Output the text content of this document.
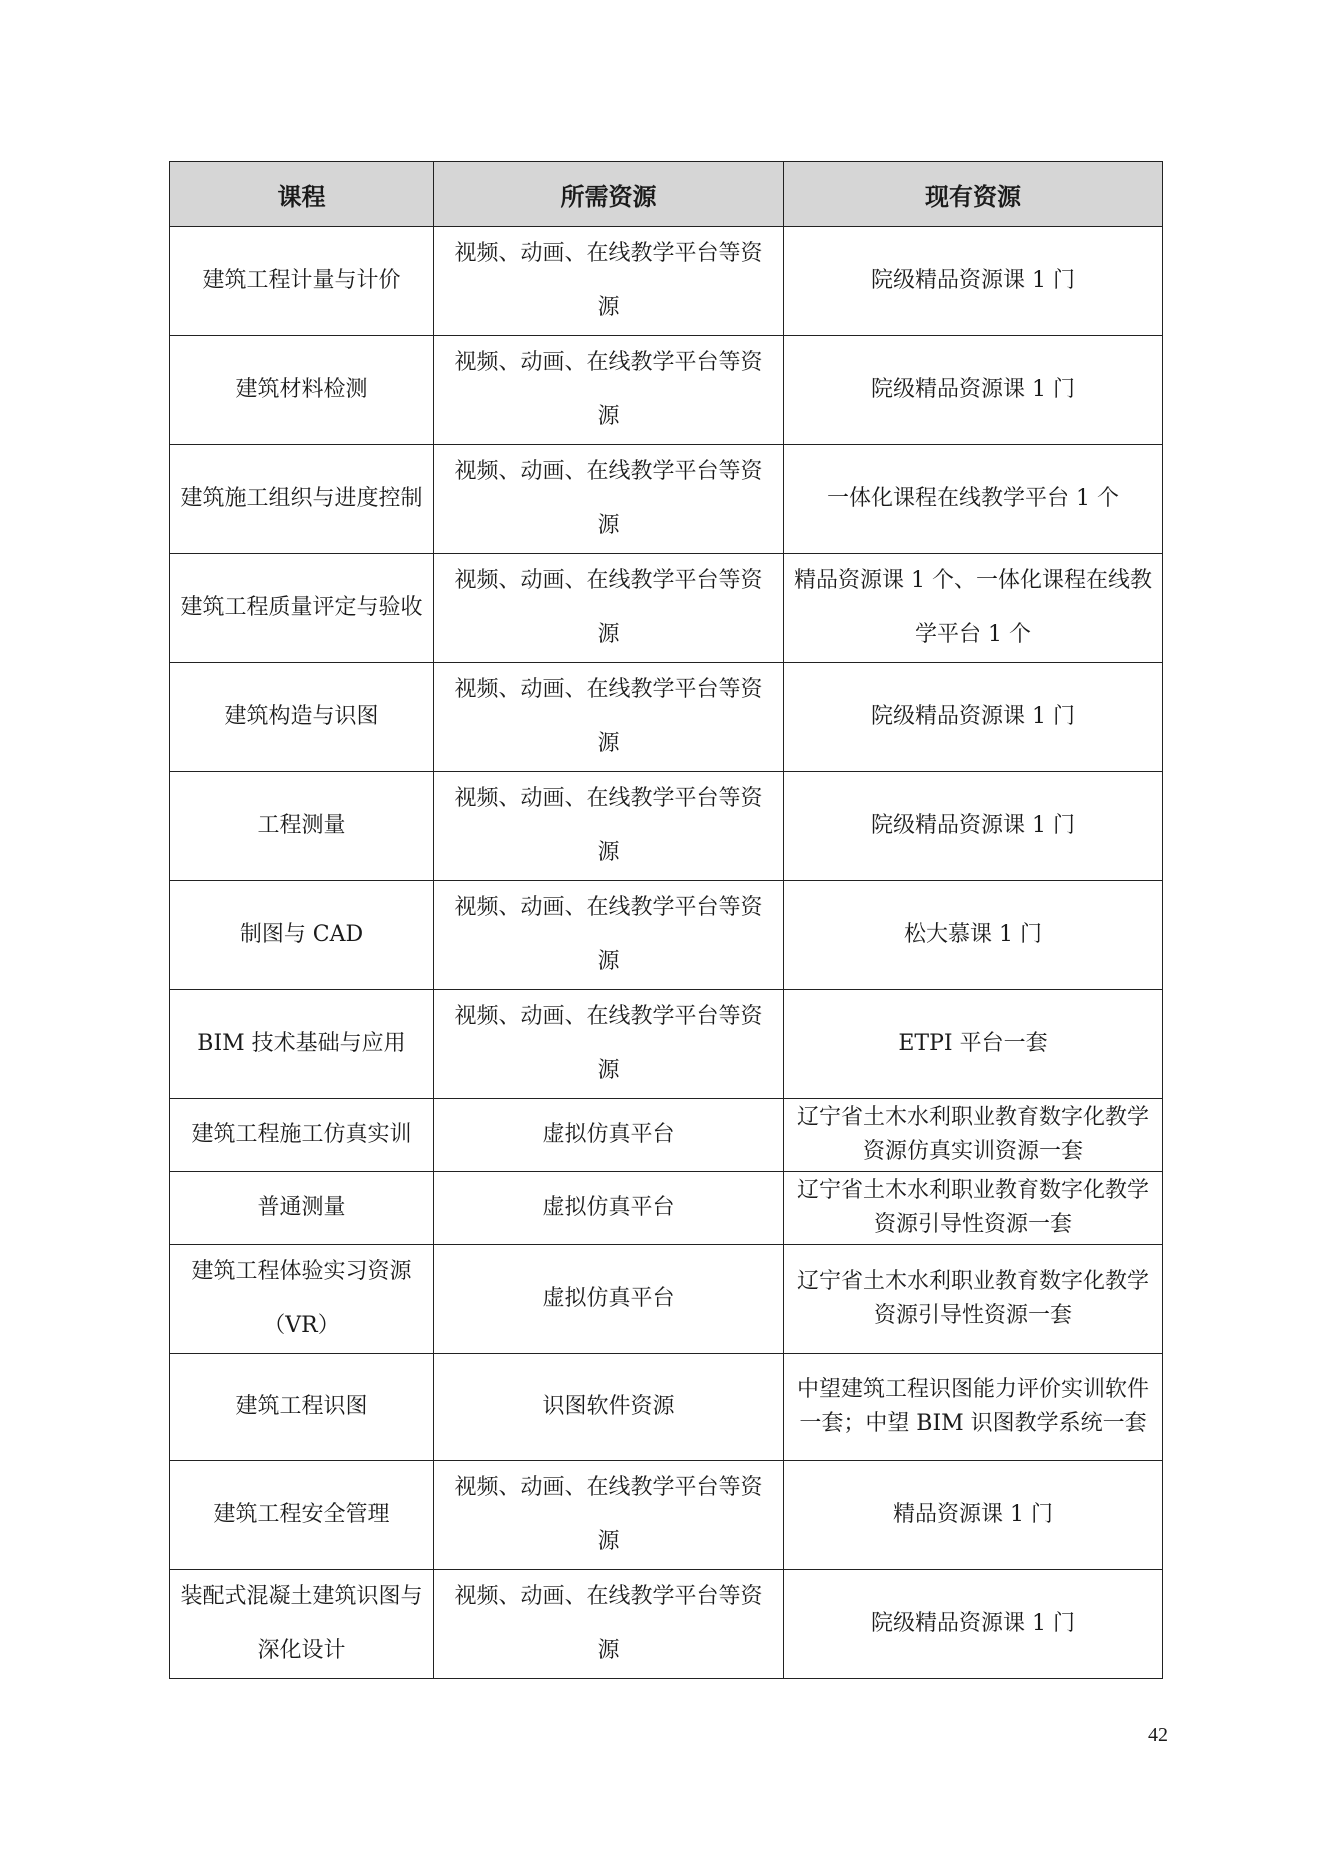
课程	所需资源	现有资源
建筑工程计量与计价	视频、动画、在线教学平台等资源	院级精品资源课 1 门
建筑材料检测	视频、动画、在线教学平台等资源	院级精品资源课 1 门
建筑施工组织与进度控制	视频、动画、在线教学平台等资源	一体化课程在线教学平台 1 个
建筑工程质量评定与验收	视频、动画、在线教学平台等资源	精品资源课 1 个、一体化课程在线教学平台 1 个
建筑构造与识图	视频、动画、在线教学平台等资源	院级精品资源课 1 门
工程测量	视频、动画、在线教学平台等资源	院级精品资源课 1 门
制图与 CAD	视频、动画、在线教学平台等资源	松大慕课 1 门
BIM 技术基础与应用	视频、动画、在线教学平台等资源	ETPI 平台一套
建筑工程施工仿真实训	虚拟仿真平台	辽宁省土木水利职业教育数字化教学资源仿真实训资源一套
普通测量	虚拟仿真平台	辽宁省土木水利职业教育数字化教学资源引导性资源一套
建筑工程体验实习资源（VR）	虚拟仿真平台	辽宁省土木水利职业教育数字化教学资源引导性资源一套
建筑工程识图	识图软件资源	中望建筑工程识图能力评价实训软件一套；中望 BIM 识图教学系统一套
建筑工程安全管理	视频、动画、在线教学平台等资源	精品资源课 1 门
装配式混凝土建筑识图与深化设计	视频、动画、在线教学平台等资源	院级精品资源课 1 门
42
